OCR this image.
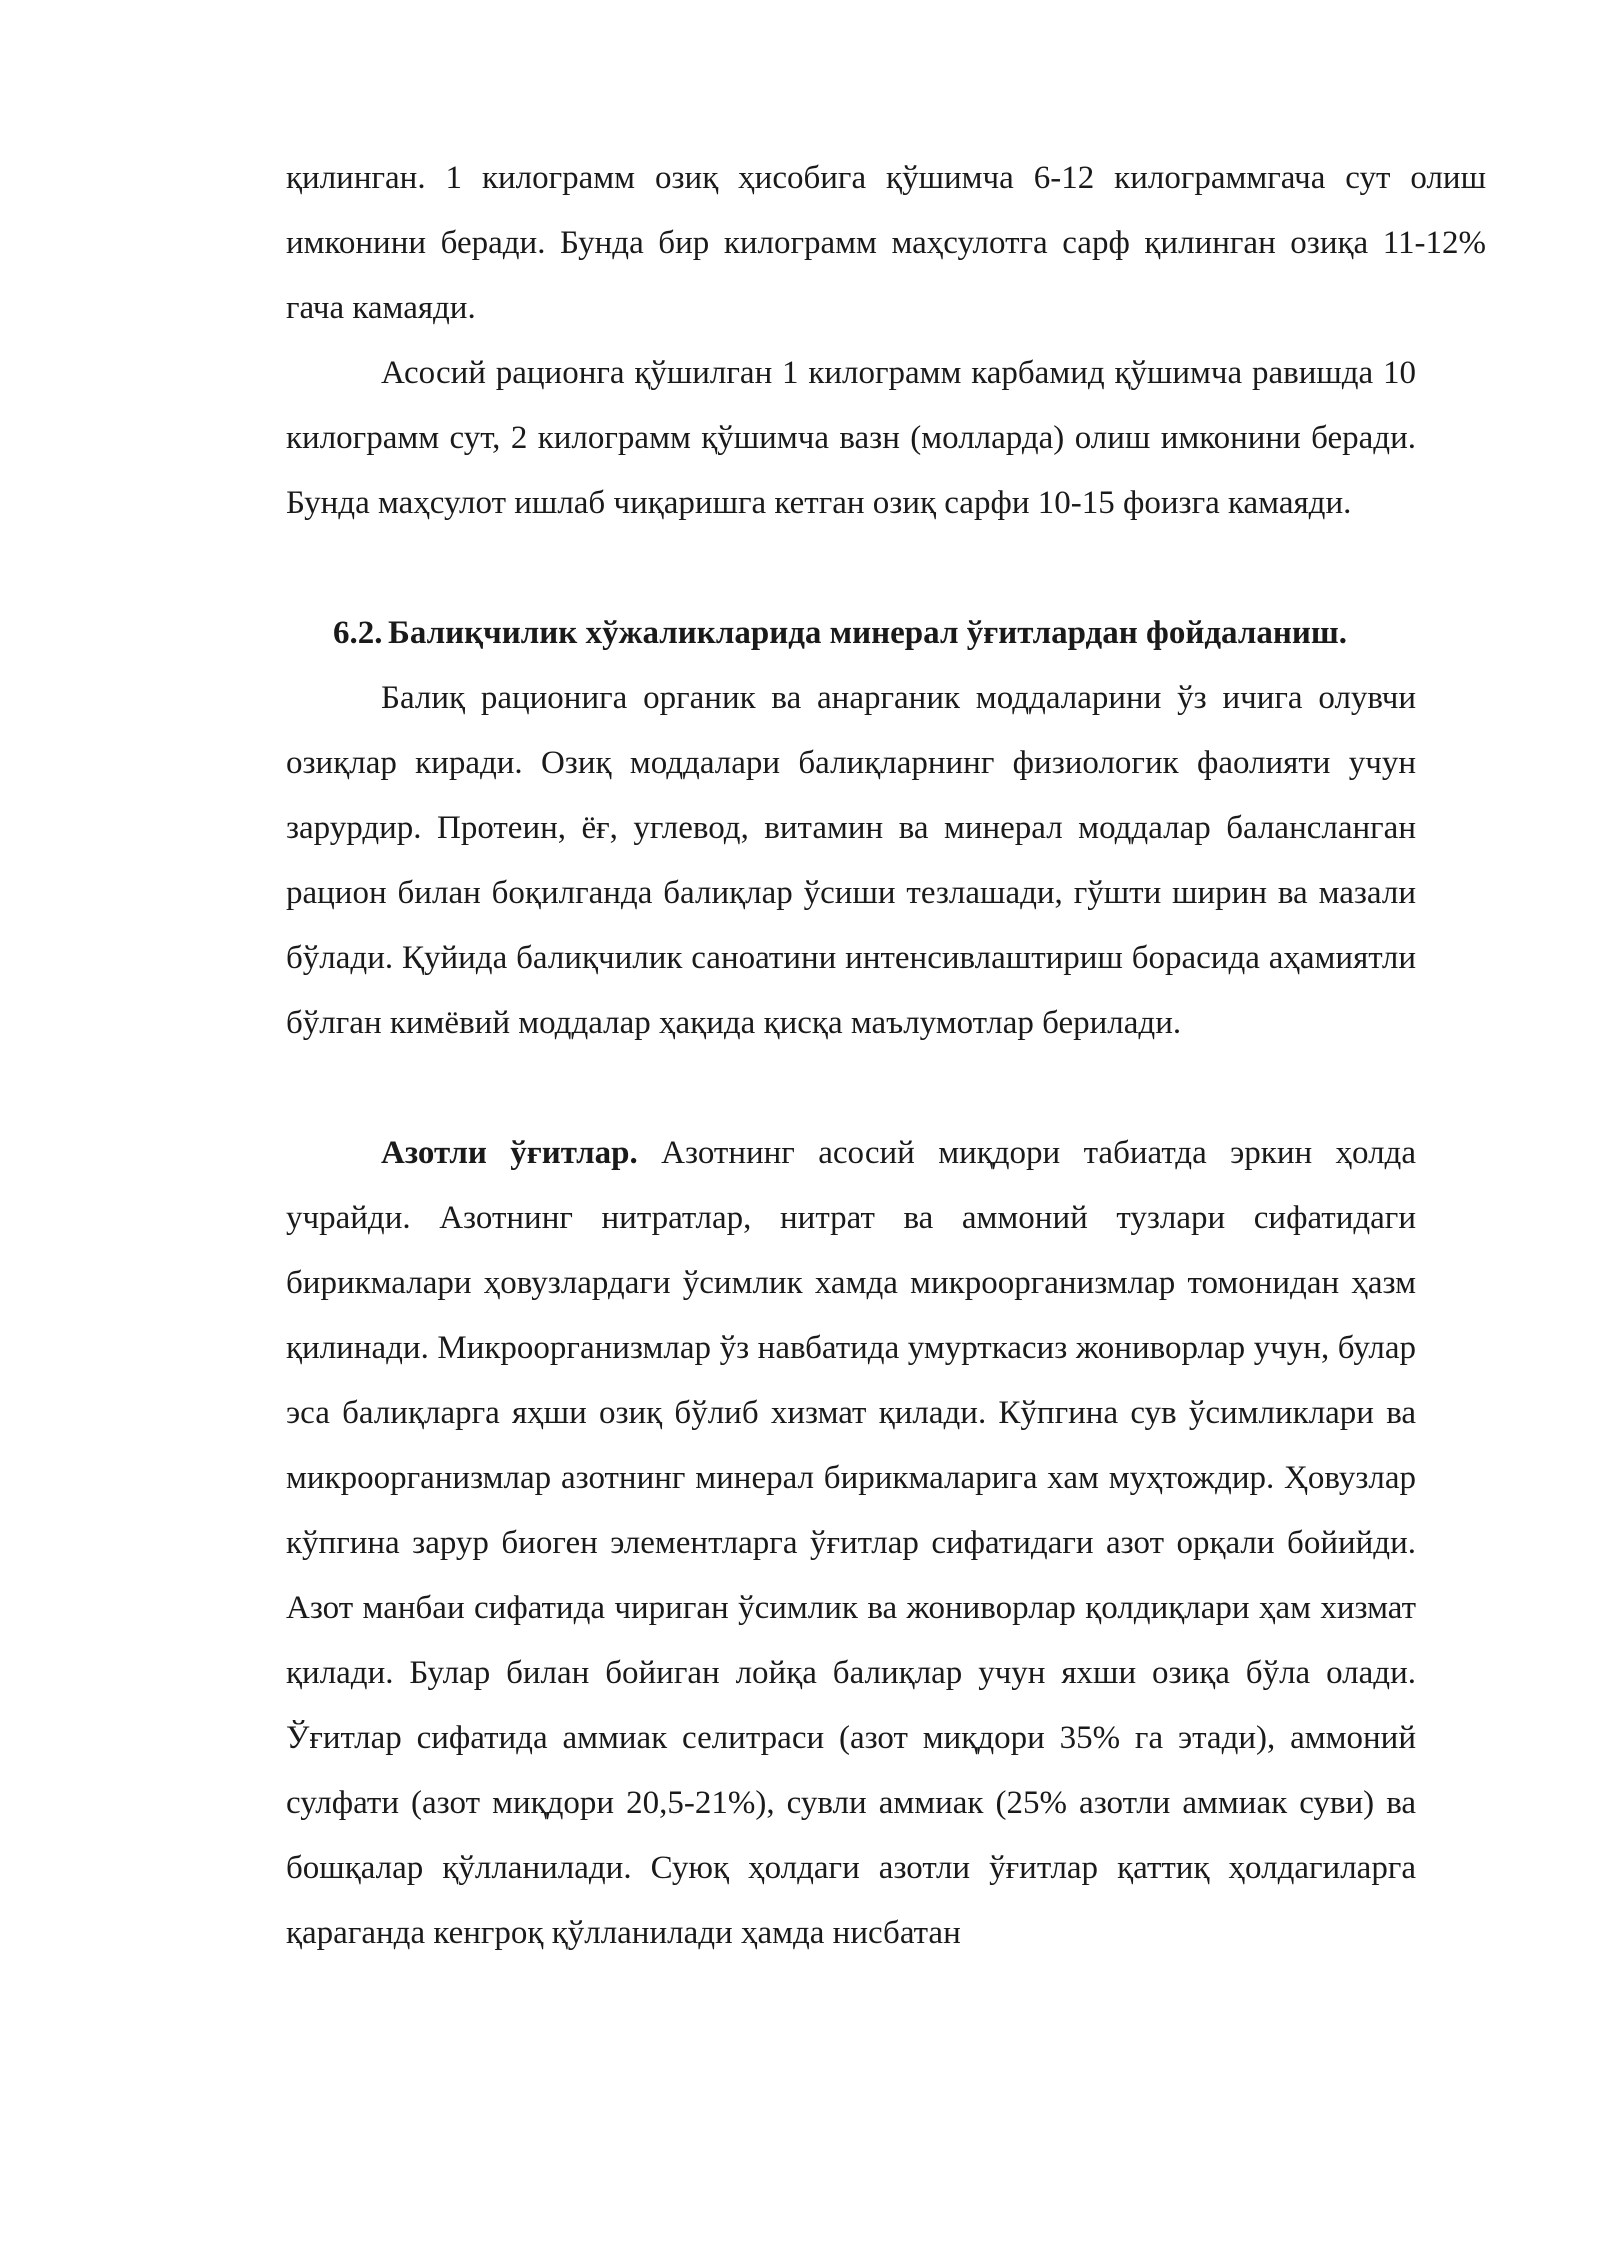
қилинган. 1 килограмм озиқ ҳисобига қўшимча 6-12 килограммгача сут олиш имконини беради. Бунда бир килограмм маҳсулотга сарф қилинган озиқа 11-12% гача камаяди.

Асосий рационга қўшилган 1 килограмм карбамид қўшимча равишда 10 килограмм сут, 2 килограмм қўшимча вазн (молларда) олиш имконини беради. Бунда маҳсулот ишлаб чиқаришга кетган озиқ сарфи 10-15 фоизга камаяди.

6.2. Балиқчилик хўжаликларида минерал ўғитлардан фойдаланиш.

Балиқ рационига органик ва анарганик моддаларини ўз ичига олувчи озиқлар киради. Озиқ моддалари балиқларнинг физиологик фаолияти учун зарурдир. Протеин, ёғ, углевод, витамин ва минерал моддалар балансланган рацион билан боқилганда балиқлар ўсиши тезлашади, гўшти ширин ва мазали бўлади. Қуйида балиқчилик саноатини интенсивлаштириш борасида аҳамиятли бўлган кимёвий моддалар ҳақида қисқа маълумотлар берилади.

Азотли ўғитлар. Азотнинг асосий миқдори табиатда эркин ҳолда учрайди. Азотнинг нитратлар, нитрат ва аммоний тузлари сифатидаги бирикмалари ҳовузлардаги ўсимлик хамда микроорганизмлар томонидан ҳазм қилинади. Микроорганизмлар ўз навбатида умурткасиз жониворлар учун, булар эса балиқларга яҳши озиқ бўлиб хизмат қилади. Кўпгина сув ўсимликлари ва микроорганизмлар азотнинг минерал бирикмаларига хам муҳтождир. Ҳовузлар кўпгина зарур биоген элементларга ўғитлар сифатидаги азот орқали бойийди. Азот манбаи сифатида чириган ўсимлик ва жониворлар қолдиқлари ҳам хизмат қилади. Булар билан бойиган лойқа балиқлар учун яхши озиқа бўла олади. Ўғитлар сифатида аммиак селитраси (азот миқдори 35% га этади), аммоний сулфати (азот миқдори 20,5-21%), сувли аммиак (25% азотли аммиак суви) ва бошқалар қўлланилади. Суюқ ҳолдаги азотли ўғитлар қаттиқ ҳолдагиларга қараганда кенгроқ қўлланилади ҳамда нисбатан
